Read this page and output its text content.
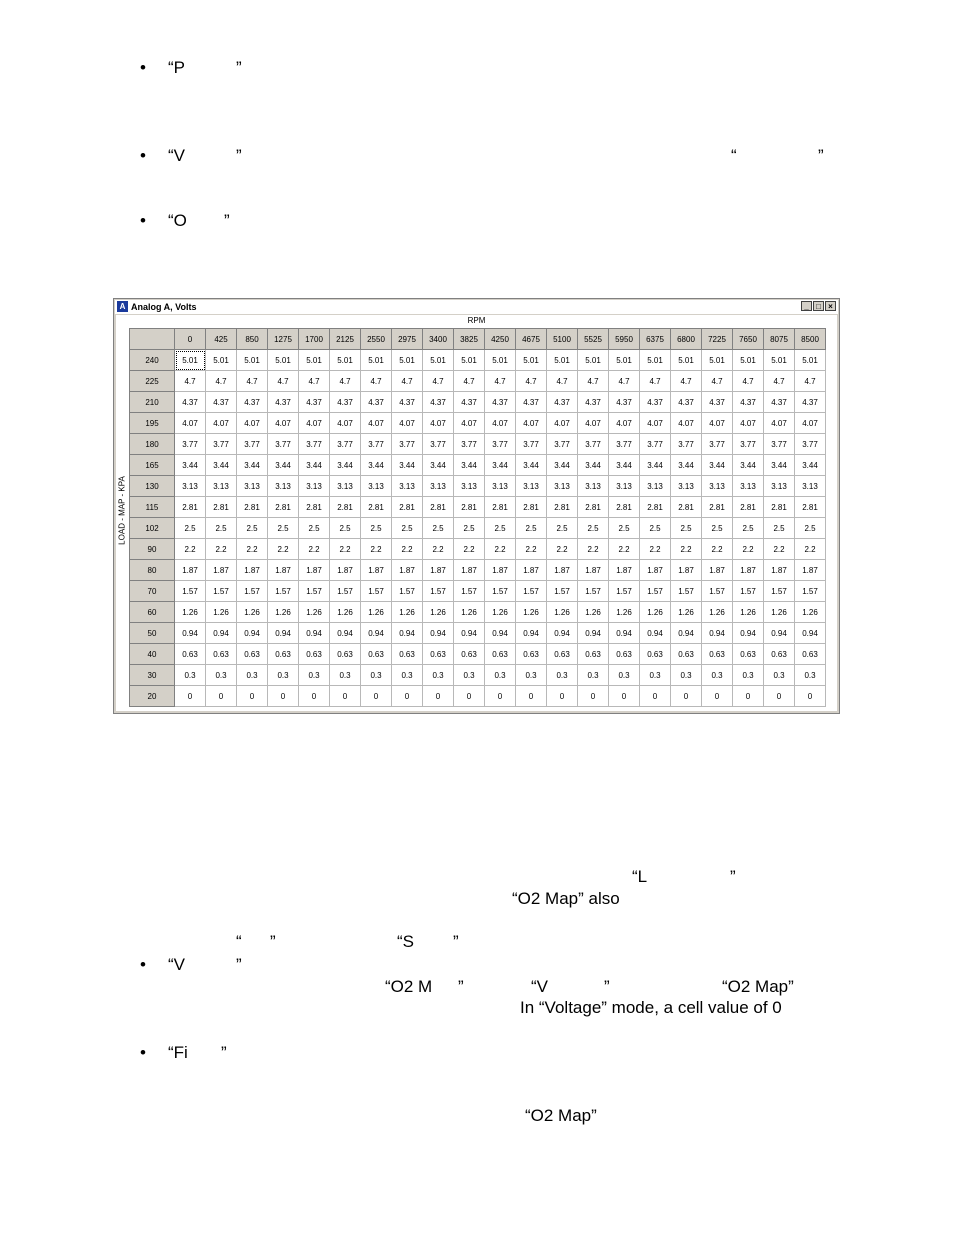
•
•
•
•
•
“P	”
“V	”	“	”
“O ”
“L	”
“O2 Map” also
“ ”	“S ”
“V	”
“O2 M ”	“V	”	“O2 Map”
In “Voltage” mode, a cell value of 0
“Fi ”
“O2 Map”
A Analog A, Volts	_ □ ×
RPM
LOAD - MAP - KPA
	0	425	850	1275	1700	2125	2550	2975	3400	3825	4250	4675	5100	5525	5950	6375	6800	7225	7650	8075	8500
240	5.01	5.01	5.01	5.01	5.01	5.01	5.01	5.01	5.01	5.01	5.01	5.01	5.01	5.01	5.01	5.01	5.01	5.01	5.01	5.01	5.01
225	4.7	4.7	4.7	4.7	4.7	4.7	4.7	4.7	4.7	4.7	4.7	4.7	4.7	4.7	4.7	4.7	4.7	4.7	4.7	4.7	4.7
210	4.37	4.37	4.37	4.37	4.37	4.37	4.37	4.37	4.37	4.37	4.37	4.37	4.37	4.37	4.37	4.37	4.37	4.37	4.37	4.37	4.37
195	4.07	4.07	4.07	4.07	4.07	4.07	4.07	4.07	4.07	4.07	4.07	4.07	4.07	4.07	4.07	4.07	4.07	4.07	4.07	4.07	4.07
180	3.77	3.77	3.77	3.77	3.77	3.77	3.77	3.77	3.77	3.77	3.77	3.77	3.77	3.77	3.77	3.77	3.77	3.77	3.77	3.77	3.77
165	3.44	3.44	3.44	3.44	3.44	3.44	3.44	3.44	3.44	3.44	3.44	3.44	3.44	3.44	3.44	3.44	3.44	3.44	3.44	3.44	3.44
130	3.13	3.13	3.13	3.13	3.13	3.13	3.13	3.13	3.13	3.13	3.13	3.13	3.13	3.13	3.13	3.13	3.13	3.13	3.13	3.13	3.13
115	2.81	2.81	2.81	2.81	2.81	2.81	2.81	2.81	2.81	2.81	2.81	2.81	2.81	2.81	2.81	2.81	2.81	2.81	2.81	2.81	2.81
102	2.5	2.5	2.5	2.5	2.5	2.5	2.5	2.5	2.5	2.5	2.5	2.5	2.5	2.5	2.5	2.5	2.5	2.5	2.5	2.5	2.5
90	2.2	2.2	2.2	2.2	2.2	2.2	2.2	2.2	2.2	2.2	2.2	2.2	2.2	2.2	2.2	2.2	2.2	2.2	2.2	2.2	2.2
80	1.87	1.87	1.87	1.87	1.87	1.87	1.87	1.87	1.87	1.87	1.87	1.87	1.87	1.87	1.87	1.87	1.87	1.87	1.87	1.87	1.87
70	1.57	1.57	1.57	1.57	1.57	1.57	1.57	1.57	1.57	1.57	1.57	1.57	1.57	1.57	1.57	1.57	1.57	1.57	1.57	1.57	1.57
60	1.26	1.26	1.26	1.26	1.26	1.26	1.26	1.26	1.26	1.26	1.26	1.26	1.26	1.26	1.26	1.26	1.26	1.26	1.26	1.26	1.26
50	0.94	0.94	0.94	0.94	0.94	0.94	0.94	0.94	0.94	0.94	0.94	0.94	0.94	0.94	0.94	0.94	0.94	0.94	0.94	0.94	0.94
40	0.63	0.63	0.63	0.63	0.63	0.63	0.63	0.63	0.63	0.63	0.63	0.63	0.63	0.63	0.63	0.63	0.63	0.63	0.63	0.63	0.63
30	0.3	0.3	0.3	0.3	0.3	0.3	0.3	0.3	0.3	0.3	0.3	0.3	0.3	0.3	0.3	0.3	0.3	0.3	0.3	0.3	0.3
20	0	0	0	0	0	0	0	0	0	0	0	0	0	0	0	0	0	0	0	0	0
